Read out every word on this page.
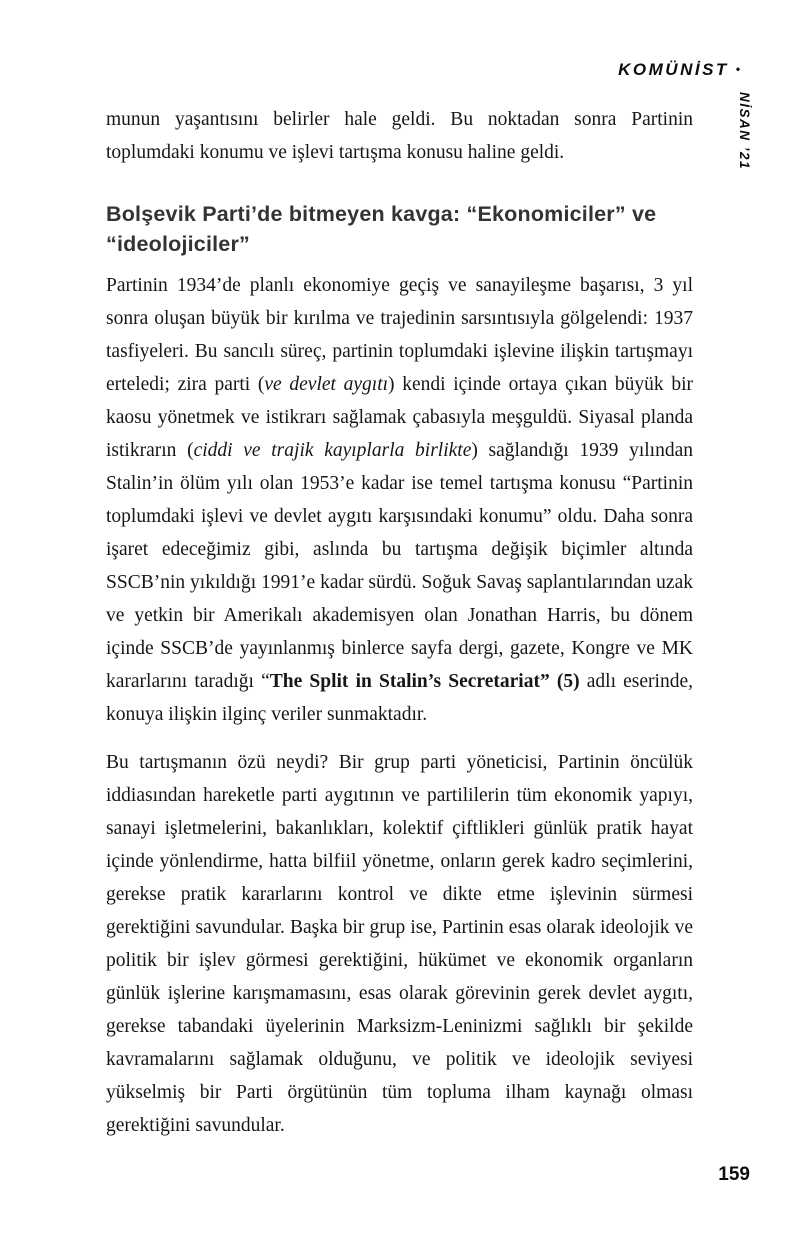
KOMÜNİST •
NİSAN ’21

munun yaşantısını belirler hale geldi. Bu noktadan sonra Partinin toplumdaki konumu ve işlevi tartışma konusu haline geldi.

Bolşevik Parti’de bitmeyen kavga: “Ekonomiciler” ve “ideolojiciler”

Partinin 1934’de planlı ekonomiye geçiş ve sanayileşme başarısı, 3 yıl sonra oluşan büyük bir kırılma ve trajedinin sarsıntısıyla gölgelendi: 1937 tasfiyeleri. Bu sancılı süreç, partinin toplumdaki işlevine ilişkin tartışmayı erteledi; zira parti (ve devlet aygıtı) kendi içinde ortaya çıkan büyük bir kaosu yönetmek ve istikrarı sağlamak çabasıyla meşguldü. Siyasal planda istikrarın (ciddi ve trajik kayıplarla birlikte) sağlandığı 1939 yılından Stalin’in ölüm yılı olan 1953’e kadar ise temel tartışma konusu “Partinin toplumdaki işlevi ve devlet aygıtı karşısındaki konumu” oldu. Daha sonra işaret edeceğimiz gibi, aslında bu tartışma değişik biçimler altında SSCB’nin yıkıldığı 1991’e kadar sürdü. Soğuk Savaş saplantılarından uzak ve yetkin bir Amerikalı akademisyen olan Jonathan Harris, bu dönem içinde SSCB’de yayınlanmış binlerce sayfa dergi, gazete, Kongre ve MK kararlarını taradığı “The Split in Stalin’s Secretariat” (5) adlı eserinde, konuya ilişkin ilginç veriler sunmaktadır.

Bu tartışmanın özü neydi? Bir grup parti yöneticisi, Partinin öncülük iddiasından hareketle parti aygıtının ve partililerin tüm ekonomik yapıyı, sanayi işletmelerini, bakanlıkları, kolektif çiftlikleri günlük pratik hayat içinde yönlendirme, hatta bilfiil yönetme, onların gerek kadro seçimlerini, gerekse pratik kararlarını kontrol ve dikte etme işlevinin sürmesi gerektiğini savundular. Başka bir grup ise, Partinin esas olarak ideolojik ve politik bir işlev görmesi gerektiğini, hükümet ve ekonomik organların günlük işlerine karışmamasını, esas olarak görevinin gerek devlet aygıtı, gerekse tabandaki üyelerinin Marksizm-Leninizmi sağlıklı bir şekilde kavramalarını sağlamak olduğunu, ve politik ve ideolojik seviyesi yükselmiş bir Parti örgütünün tüm topluma ilham kaynağı olması gerektiğini savundular.

159
